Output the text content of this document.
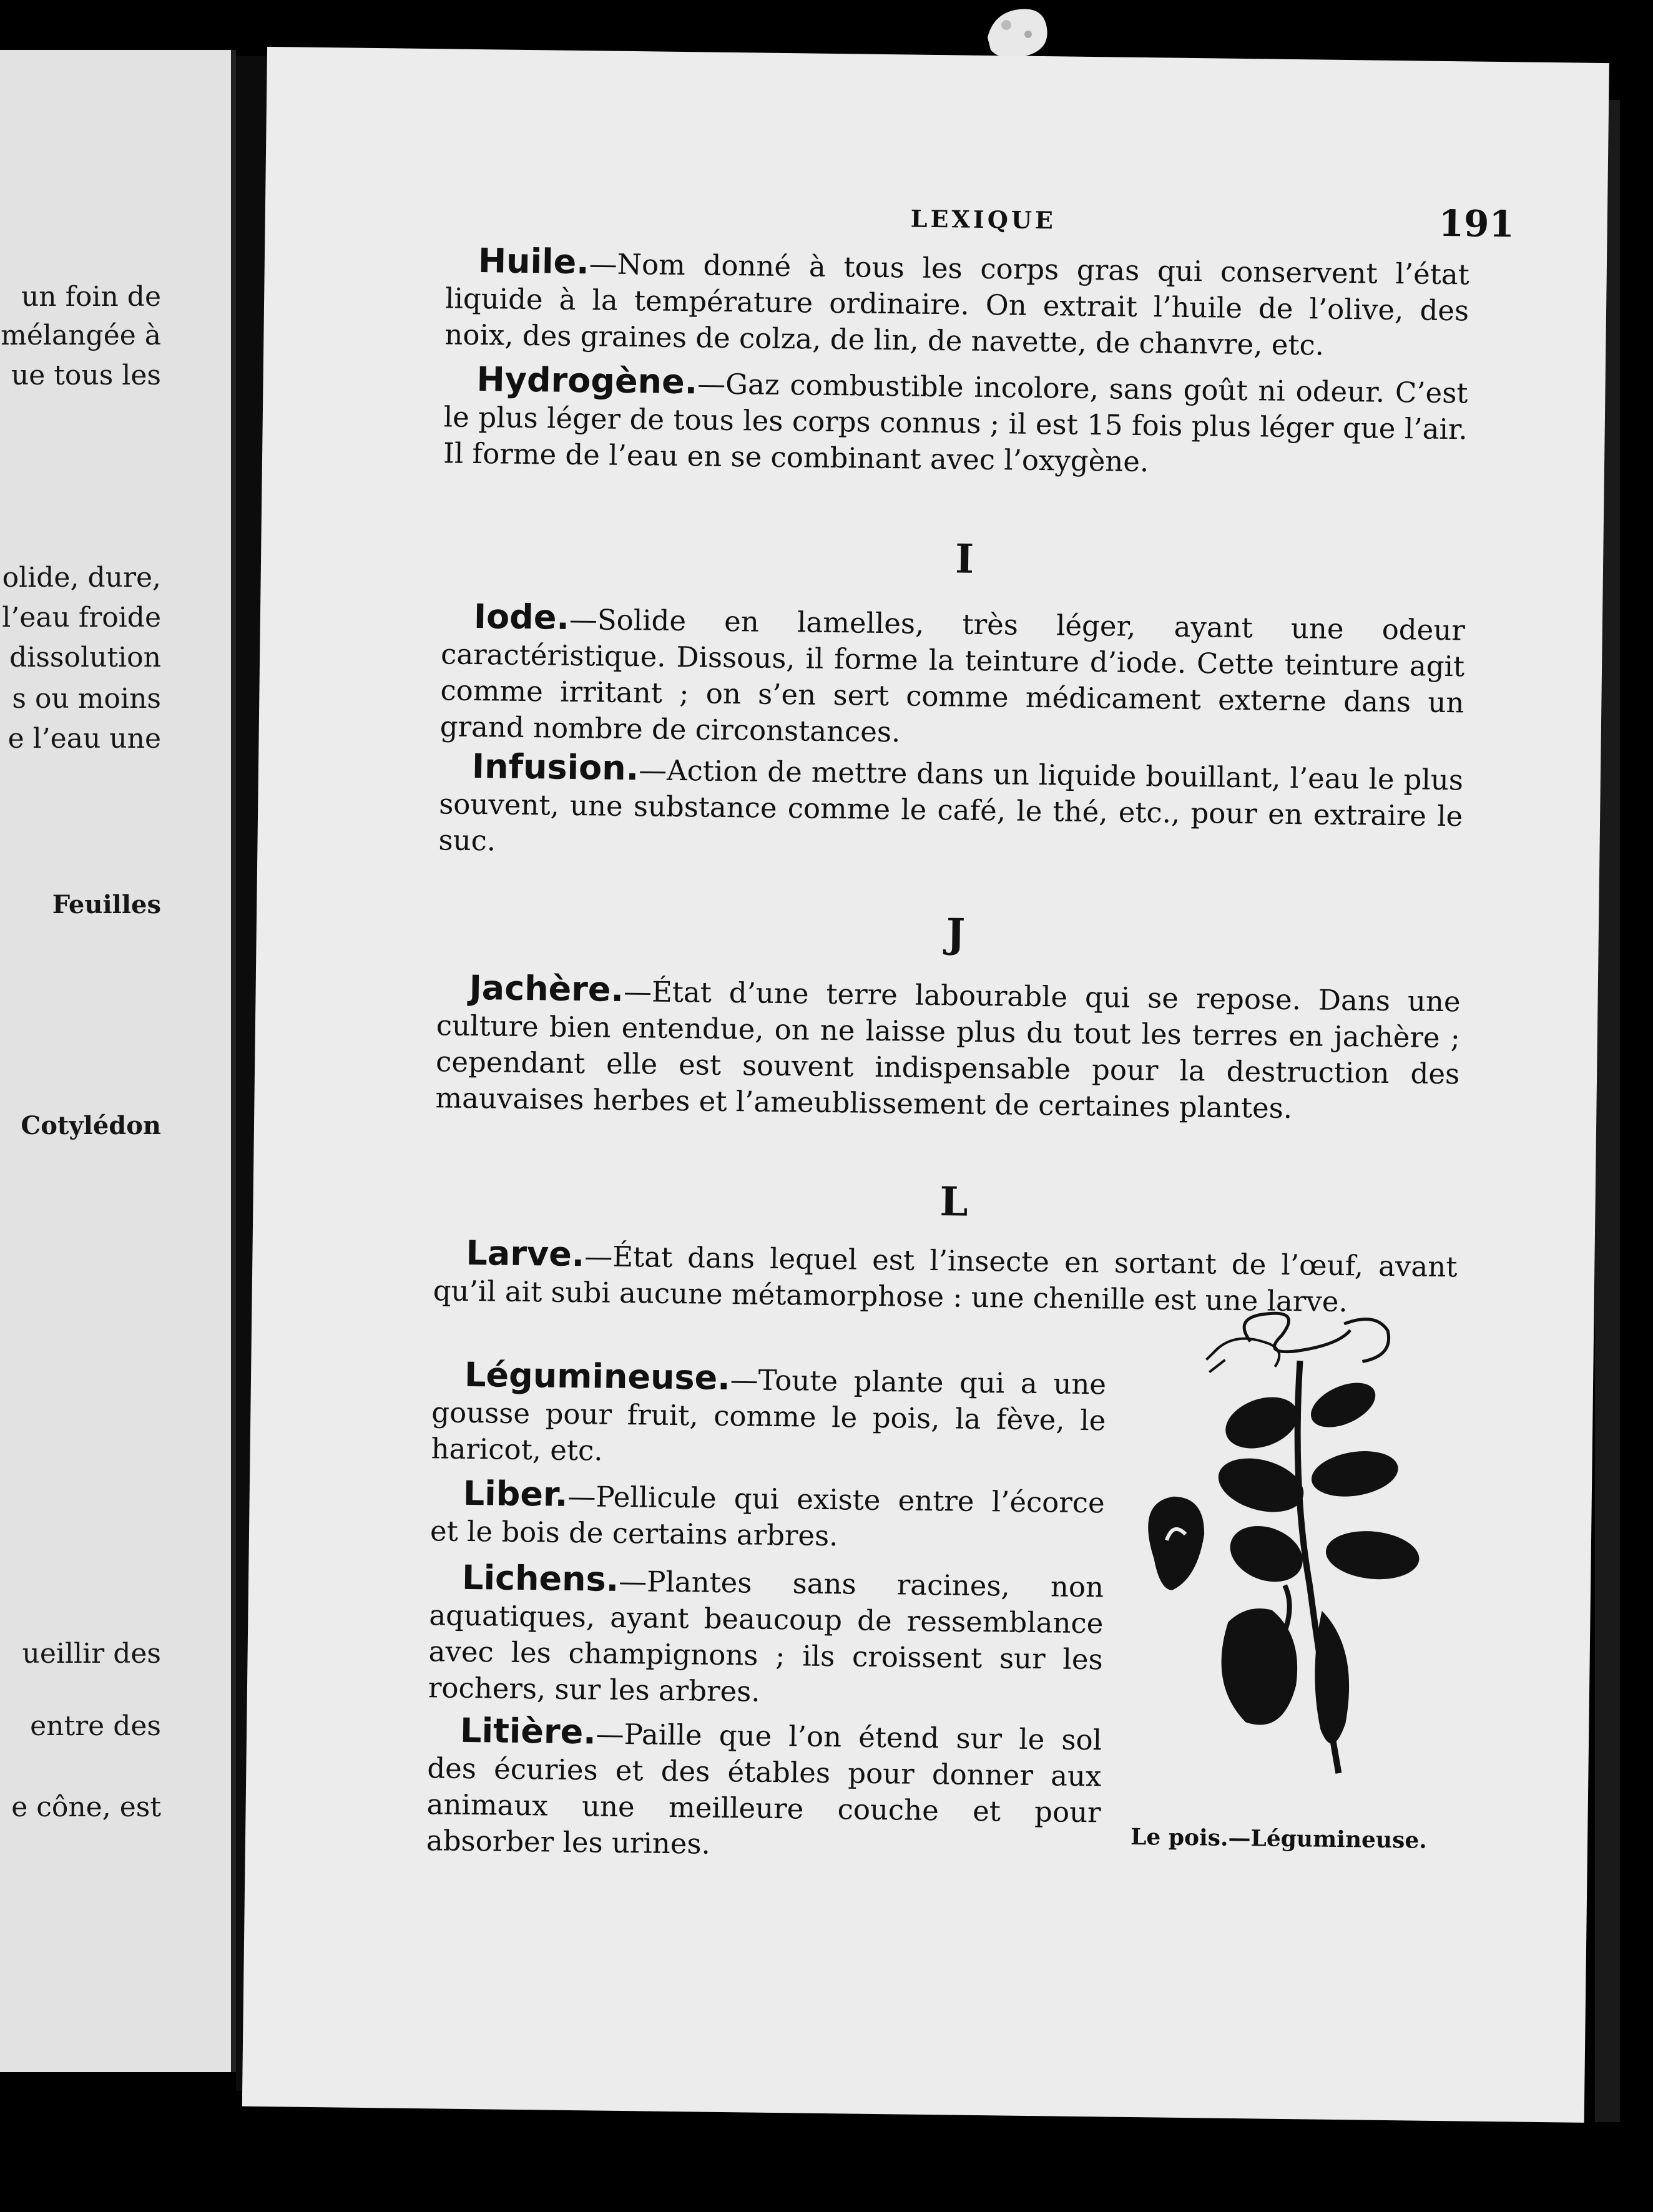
un foin de
mélangée à
ue tous les
olide, dure,
l’eau froide
dissolution
s ou moins
e l’eau une
Feuilles
Cotylédon
ueillir des
entre des
e cône, est
LEXIQUE	191
Huile.—Nom donné à tous les corps gras qui conservent l’état liquide à la température ordinaire. On extrait l’huile de l’olive, des noix, des graines de colza, de lin, de navette, de chanvre, etc.
Hydrogène.—Gaz combustible incolore, sans goût ni odeur. C’est le plus léger de tous les corps connus ; il est 15 fois plus léger que l’air. Il forme de l’eau en se combinant avec l’oxygène.
I
Iode.—Solide en lamelles, très léger, ayant une odeur caractéristique. Dissous, il forme la teinture d’iode. Cette teinture agit comme irritant ; on s’en sert comme médicament externe dans un grand nombre de circonstances.
Infusion.—Action de mettre dans un liquide bouillant, l’eau le plus souvent, une substance comme le café, le thé, etc., pour en extraire le suc.
J
Jachère.—État d’une terre labourable qui se repose. Dans une culture bien entendue, on ne laisse plus du tout les terres en jachère ; cependant elle est souvent indispensable pour la destruction des mauvaises herbes et l’ameublissement de certaines plantes.
L
Larve.—État dans lequel est l’insecte en sortant de l’œuf, avant qu’il ait subi aucune métamorphose : une chenille est une larve.
Légumineuse.—Toute plante qui a une gousse pour fruit, comme le pois, la fève, le haricot, etc.
Liber.—Pellicule qui existe entre l’écorce et le bois de certains arbres.
Lichens.—Plantes sans racines, non aquatiques, ayant beaucoup de ressemblance avec les champignons ; ils croissent sur les rochers, sur les arbres.
Litière.—Paille que l’on étend sur le sol des écuries et des étables pour donner aux animaux une meilleure couche et pour absorber les urines.	Le pois.—Légumineuse.
